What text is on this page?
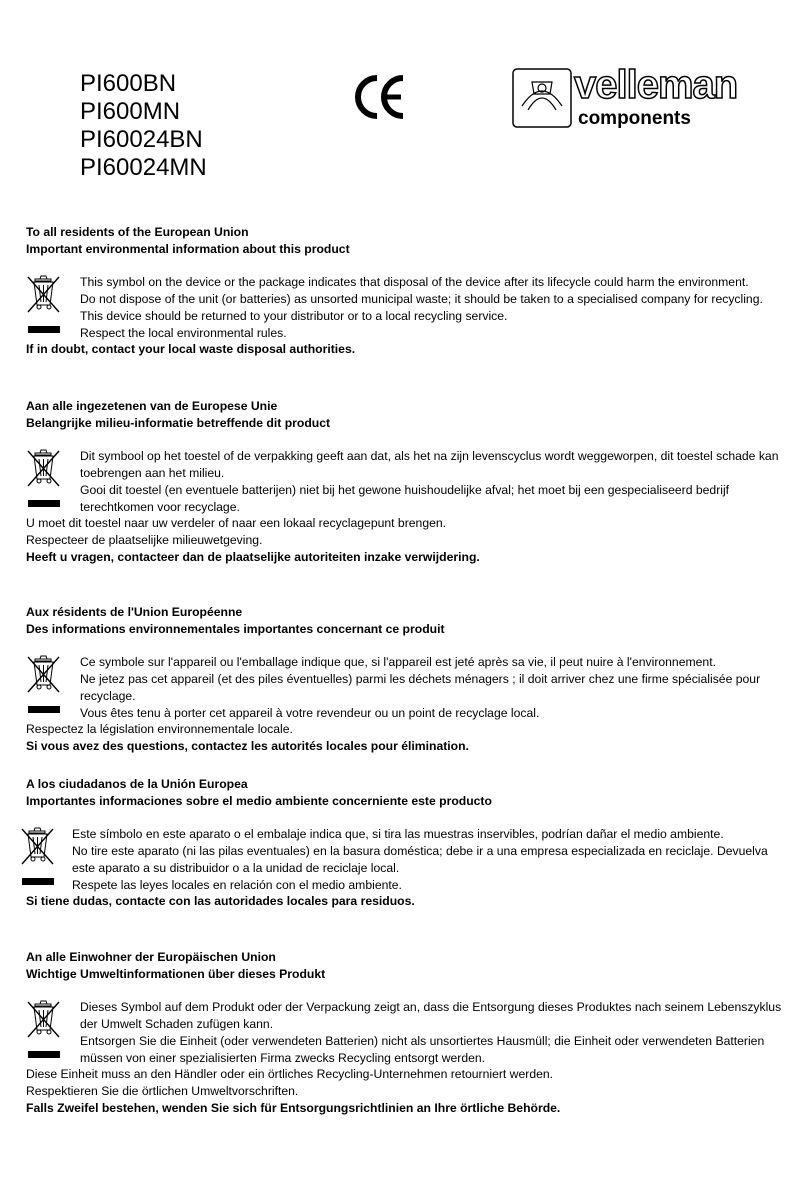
PI600BN
PI600MN
PI60024BN
PI60024MN
velleman
components
To all residents of the European Union
Important environmental information about this product
This symbol on the device or the package indicates that disposal of the device after its lifecycle could harm the environment.
Do not dispose of the unit (or batteries) as unsorted municipal waste; it should be taken to a specialised company for recycling.
This device should be returned to your distributor or to a local recycling service.
Respect the local environmental rules.
If in doubt, contact your local waste disposal authorities.
Aan alle ingezetenen van de Europese Unie
Belangrijke milieu-informatie betreffende dit product
Dit symbool op het toestel of de verpakking geeft aan dat, als het na zijn levenscyclus wordt weggeworpen, dit toestel schade kan toebrengen aan het milieu.
Gooi dit toestel (en eventuele batterijen) niet bij het gewone huishoudelijke afval; het moet bij een gespecialiseerd bedrijf terechtkomen voor recyclage.
U moet dit toestel naar uw verdeler of naar een lokaal recyclagepunt brengen.
Respecteer de plaatselijke milieuwetgeving.
Heeft u vragen, contacteer dan de plaatselijke autoriteiten inzake verwijdering.
Aux résidents de l'Union Européenne
Des informations environnementales importantes concernant ce produit
Ce symbole sur l'appareil ou l'emballage indique que, si l'appareil est jeté après sa vie, il peut nuire à l'environnement.
Ne jetez pas cet appareil (et des piles éventuelles) parmi les déchets ménagers ; il doit arriver chez une firme spécialisée pour recyclage.
Vous êtes tenu à porter cet appareil à votre revendeur ou un point de recyclage local.
Respectez la législation environnementale locale.
Si vous avez des questions, contactez les autorités locales pour élimination.
A los ciudadanos de la Unión Europea
Importantes informaciones sobre el medio ambiente concerniente este producto
Este símbolo en este aparato o el embalaje indica que, si tira las muestras inservibles, podrían dañar el medio ambiente.
No tire este aparato (ni las pilas eventuales) en la basura doméstica; debe ir a una empresa especializada en reciclaje. Devuelva este aparato a su distribuidor o a la unidad de reciclaje local.
Respete las leyes locales en relación con el medio ambiente.
Si tiene dudas, contacte con las autoridades locales para residuos.
An alle Einwohner der Europäischen Union
Wichtige Umweltinformationen über dieses Produkt
Dieses Symbol auf dem Produkt oder der Verpackung zeigt an, dass die Entsorgung dieses Produktes nach seinem Lebenszyklus der Umwelt Schaden zufügen kann.
Entsorgen Sie die Einheit (oder verwendeten Batterien) nicht als unsortiertes Hausmüll; die Einheit oder verwendeten Batterien müssen von einer spezialisierten Firma zwecks Recycling entsorgt werden.
Diese Einheit muss an den Händler oder ein örtliches Recycling-Unternehmen retourniert werden.
Respektieren Sie die örtlichen Umweltvorschriften.
Falls Zweifel bestehen, wenden Sie sich für Entsorgungsrichtlinien an Ihre örtliche Behörde.
